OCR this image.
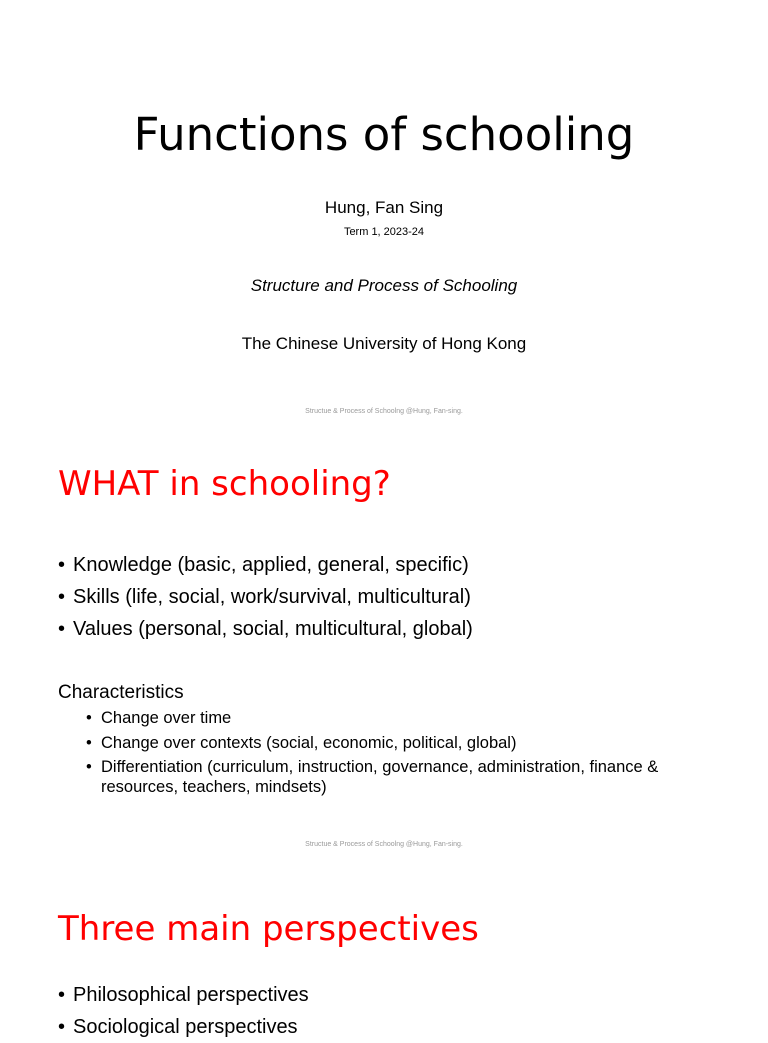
Functions of schooling
Hung, Fan Sing
Term 1, 2023-24
Structure and Process of Schooling
The Chinese University of Hong Kong
Structue & Process of Schoolng @Hung, Fan-sing.
WHAT in schooling?
• Knowledge (basic, applied, general, specific)
• Skills (life, social, work/survival, multicultural)
• Values (personal, social, multicultural, global)
Characteristics
• Change over time
• Change over contexts (social, economic, political, global)
• Differentiation (curriculum, instruction, governance, administration, finance & resources, teachers, mindsets)
Structue & Process of Schoolng @Hung, Fan-sing.
Three main perspectives
• Philosophical perspectives
• Sociological perspectives
